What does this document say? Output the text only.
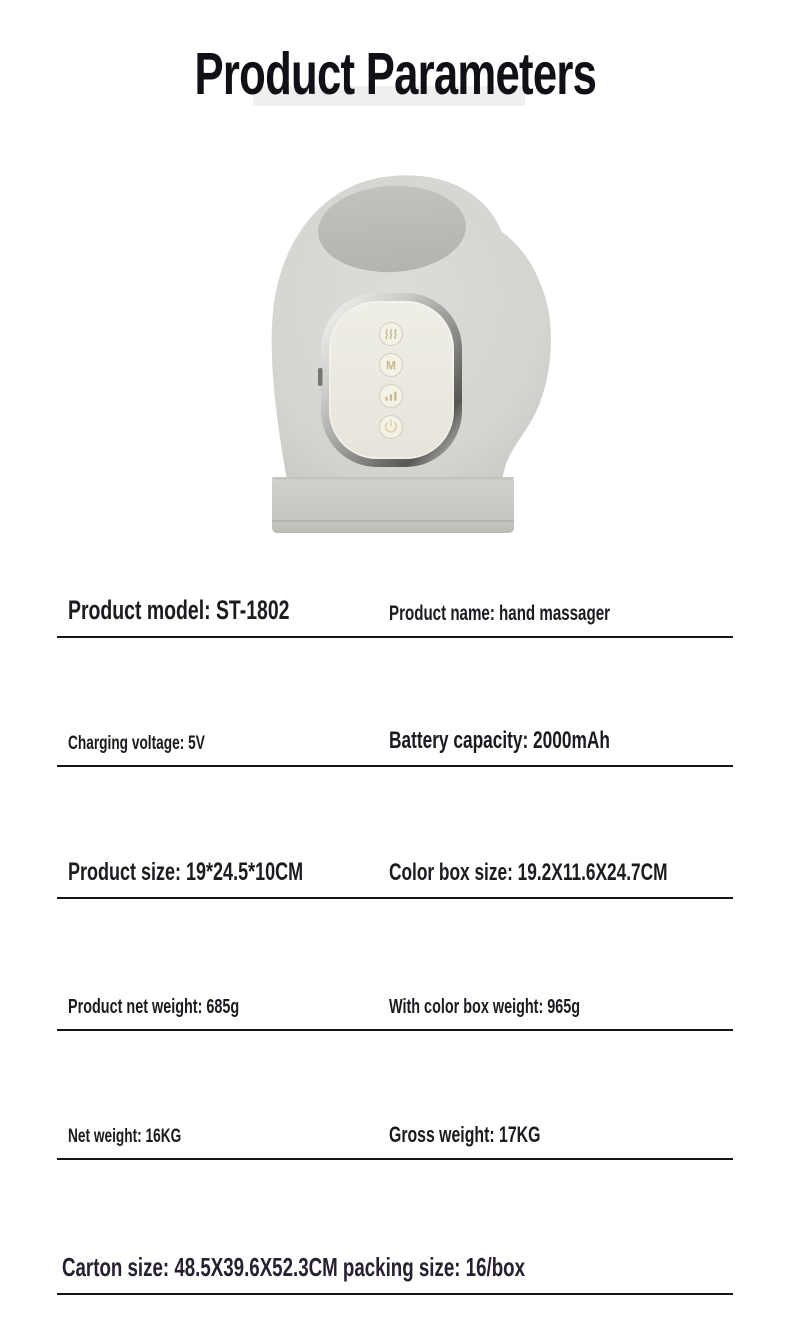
Product Parameters
M
Product model: ST-1802	Product name: hand massager
Charging voltage: 5V	Battery capacity: 2000mAh
Product size: 19*24.5*10CM	Color box size: 19.2X11.6X24.7CM
Product net weight: 685g	With color box weight: 965g
Net weight: 16KG	Gross weight: 17KG
Carton size: 48.5X39.6X52.3CM packing size: 16/box
